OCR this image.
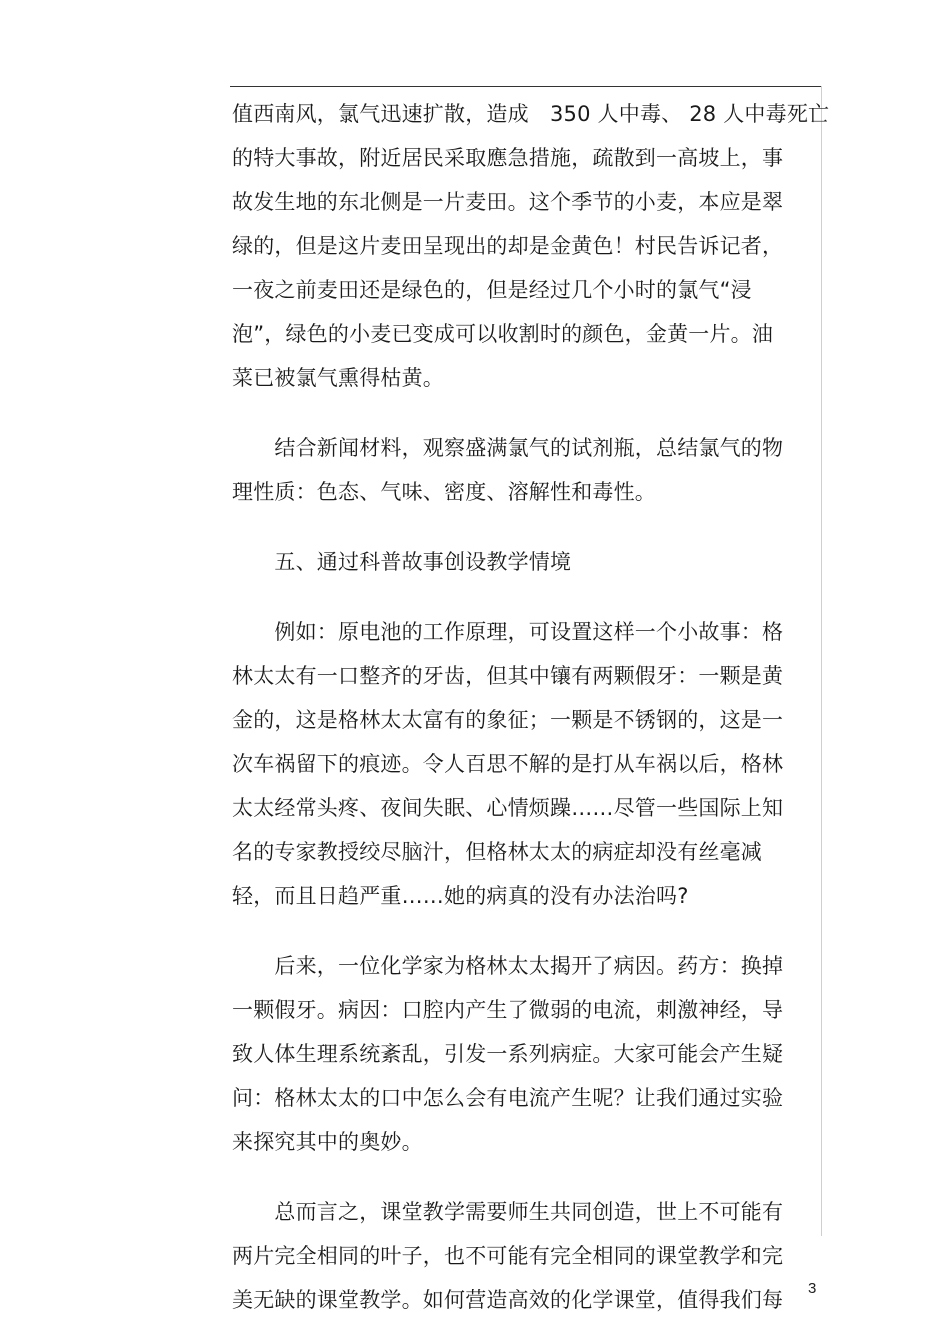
值西南风，氯气迅速扩散，造成　350 人中毒、 28 人中毒死亡
的特大事故，附近居民采取應急措施，疏散到一高坡上，事
故发生地的东北侧是一片麦田。这个季节的小麦，本应是翠
绿的，但是这片麦田呈现出的却是金黄色！村民告诉记者，
一夜之前麦田还是绿色的，但是经过几个小时的氯气“浸
泡”，绿色的小麦已变成可以收割时的颜色，金黄一片。油
菜已被氯气熏得枯黄。
　　结合新闻材料，观察盛满氯气的试剂瓶，总结氯气的物
理性质：色态、气味、密度、溶解性和毒性。
　　五、通过科普故事创设教学情境
　　例如：原电池的工作原理，可设置这样一个小故事：格
林太太有一口整齐的牙齿，但其中镶有两颗假牙：一颗是黄
金的，这是格林太太富有的象征；一颗是不锈钢的，这是一
次车祸留下的痕迹。令人百思不解的是打从车祸以后，格林
太太经常头疼、夜间失眠、心情烦躁……尽管一些国际上知
名的专家教授绞尽脑汁，但格林太太的病症却没有丝毫减
轻，而且日趋严重……她的病真的没有办法治吗?
　　后来，一位化学家为格林太太揭开了病因。药方：换掉
一颗假牙。病因：口腔内产生了微弱的电流，刺激神经，导
致人体生理系统紊乱，引发一系列病症。大家可能会产生疑
问：格林太太的口中怎么会有电流产生呢？让我们通过实验
来探究其中的奥妙。
　　总而言之，课堂教学需要师生共同创造，世上不可能有
两片完全相同的叶子，也不可能有完全相同的课堂教学和完
美无缺的课堂教学。如何营造高效的化学课堂，值得我们每 3
